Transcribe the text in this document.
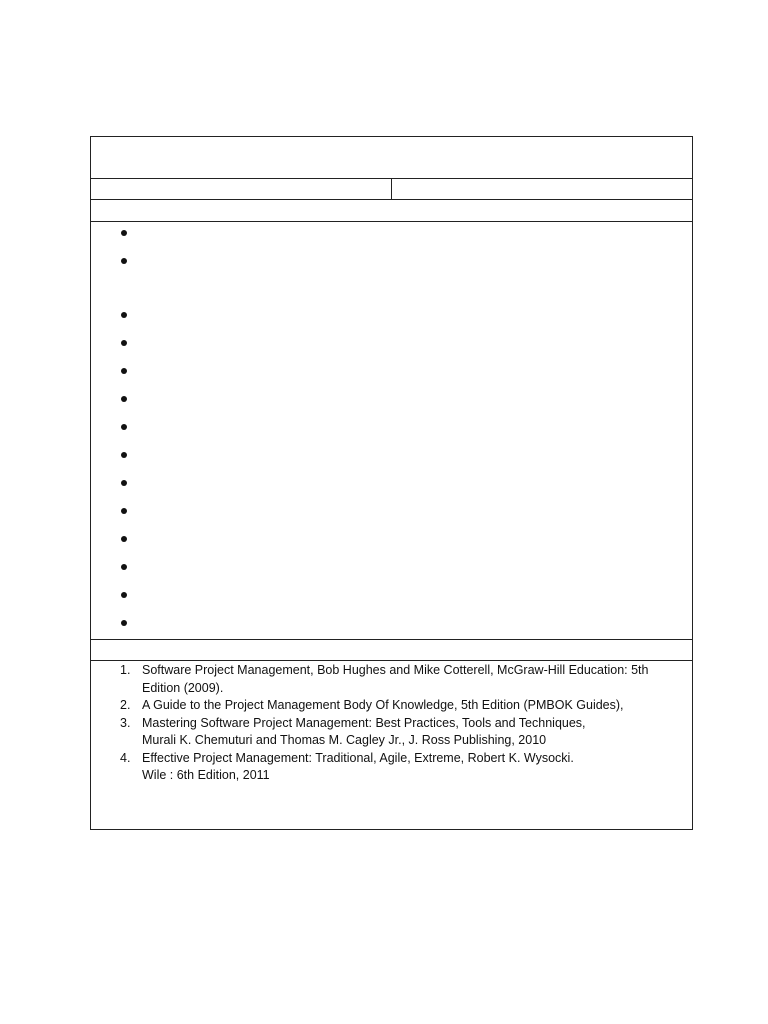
1. Software Project Management, Bob Hughes and Mike Cotterell, McGraw-Hill Education: 5th
Edition (2009).
2. A Guide to the Project Management Body Of Knowledge, 5th Edition (PMBOK Guides),
3. Mastering Software Project Management: Best Practices, Tools and Techniques,
Murali K. Chemuturi and Thomas M. Cagley Jr., J. Ross Publishing, 2010
4. Effective Project Management: Traditional, Agile, Extreme, Robert K. Wysocki.
Wile : 6th Edition, 2011
